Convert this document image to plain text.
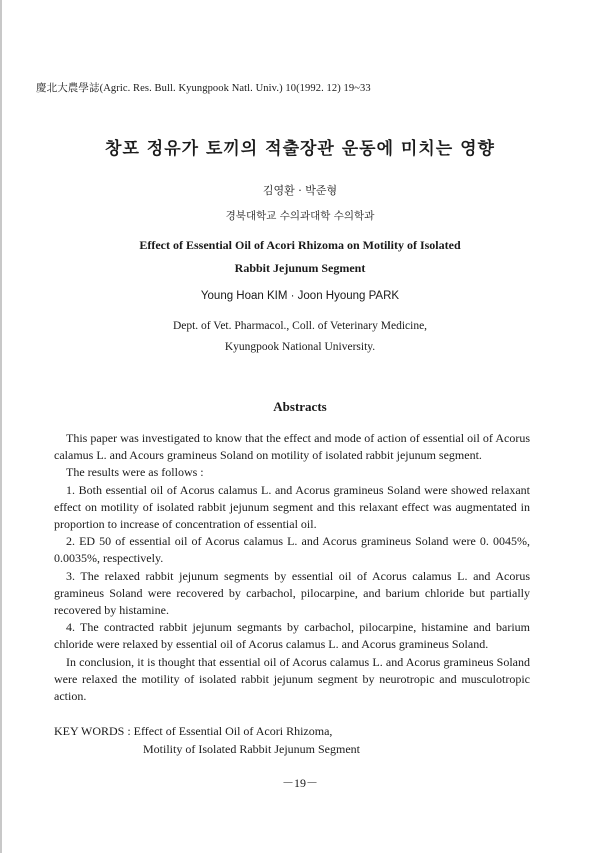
慶北大農學誌(Agric. Res. Bull. Kyungpook Natl. Univ.) 10(1992. 12) 19~33
창포 정유가 토끼의 적출장관 운동에 미치는 영향
김영환 · 박준형
경북대학교 수의과대학 수의학과
Effect of Essential Oil of Acori Rhizoma on Motility of Isolated
Rabbit Jejunum Segment
Young Hoan KIM · Joon Hyoung PARK
Dept. of Vet. Pharmacol., Coll. of Veterinary Medicine,
Kyungpook National University.
Abstracts

This paper was investigated to know that the effect and mode of action of essential oil of Acorus calamus L. and Acours gramineus Soland on motility of isolated rabbit jejunum segment.

The results were as follows :

1. Both essential oil of Acorus calamus L. and Acorus gramineus Soland were showed relaxant effect on motility of isolated rabbit jejunum segment and this relaxant effect was augmentated in proportion to increase of concentration of essential oil.

2. ED 50 of essential oil of Acorus calamus L. and Acorus gramineus Soland were 0. 0045%, 0.0035%, respectively.

3. The relaxed rabbit jejunum segments by essential oil of Acorus calamus L. and Acorus gramineus Soland were recovered by carbachol, pilocarpine, and barium chloride but partially recovered by histamine.

4. The contracted rabbit jejunum segmants by carbachol, pilocarpine, histamine and barium chloride were relaxed by essential oil of Acorus calamus L. and Acorus gramineus Soland.

In conclusion, it is thought that essential oil of Acorus calamus L. and Acorus gramineus Soland were relaxed the motility of isolated rabbit jejunum segment by neurotropic and musculotropic action.

KEY WORDS : Effect of Essential Oil of Acori Rhizoma,
Motility of Isolated Rabbit Jejunum Segment
－19－
